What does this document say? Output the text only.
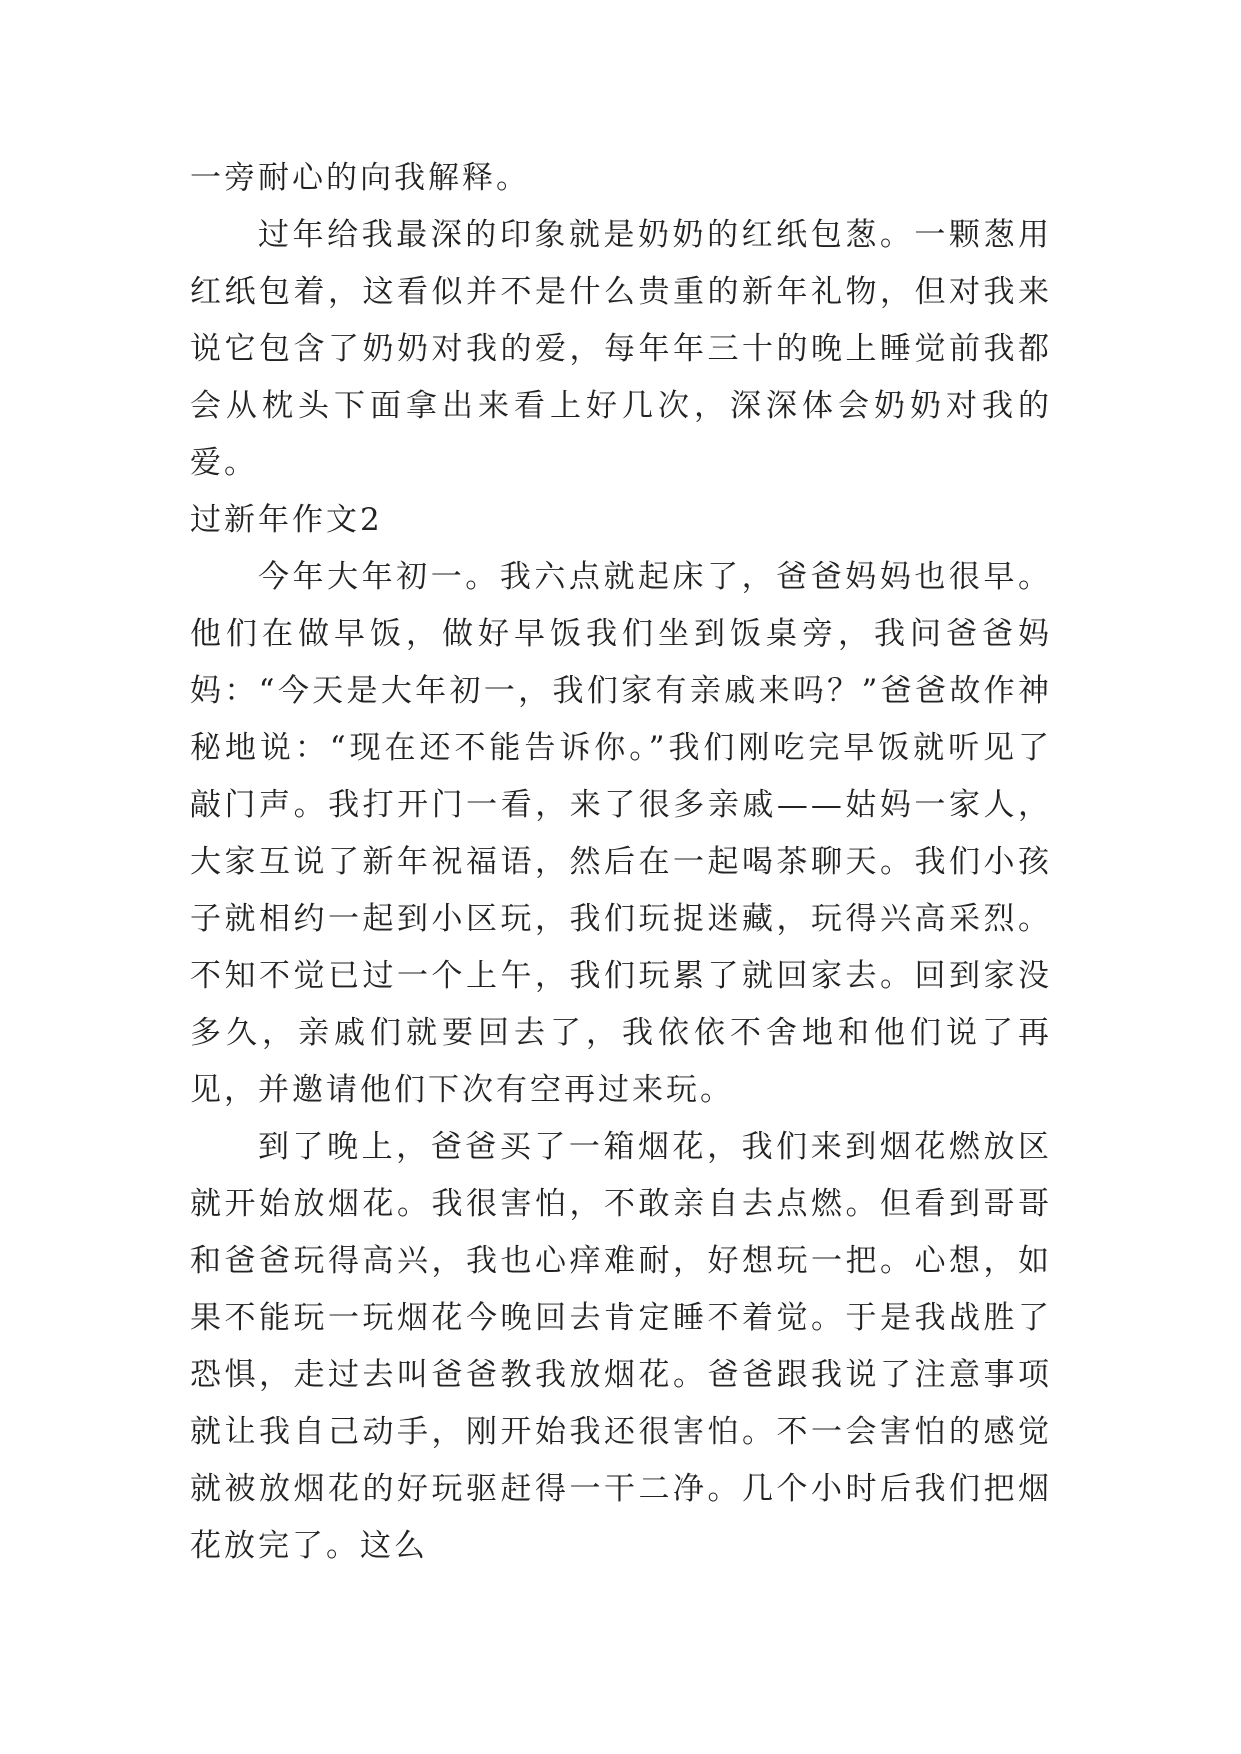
一旁耐心的向我解释。

过年给我最深的印象就是奶奶的红纸包葱。一颗葱用红纸包着，这看似并不是什么贵重的新年礼物，但对我来说它包含了奶奶对我的爱，每年年三十的晚上睡觉前我都会从枕头下面拿出来看上好几次，深深体会奶奶对我的爱。

过新年作文2

今年大年初一。我六点就起床了，爸爸妈妈也很早。他们在做早饭，做好早饭我们坐到饭桌旁，我问爸爸妈妈：“今天是大年初一，我们家有亲戚来吗？”爸爸故作神秘地说：“现在还不能告诉你。”我们刚吃完早饭就听见了敲门声。我打开门一看，来了很多亲戚——姑妈一家人，大家互说了新年祝福语，然后在一起喝茶聊天。我们小孩子就相约一起到小区玩，我们玩捉迷藏，玩得兴高采烈。不知不觉已过一个上午，我们玩累了就回家去。回到家没多久，亲戚们就要回去了，我依依不舍地和他们说了再见，并邀请他们下次有空再过来玩。

到了晚上，爸爸买了一箱烟花，我们来到烟花燃放区就开始放烟花。我很害怕，不敢亲自去点燃。但看到哥哥和爸爸玩得高兴，我也心痒难耐，好想玩一把。心想，如果不能玩一玩烟花今晚回去肯定睡不着觉。于是我战胜了恐惧，走过去叫爸爸教我放烟花。爸爸跟我说了注意事项就让我自己动手，刚开始我还很害怕。不一会害怕的感觉就被放烟花的好玩驱赶得一干二净。几个小时后我们把烟花放完了。这么
